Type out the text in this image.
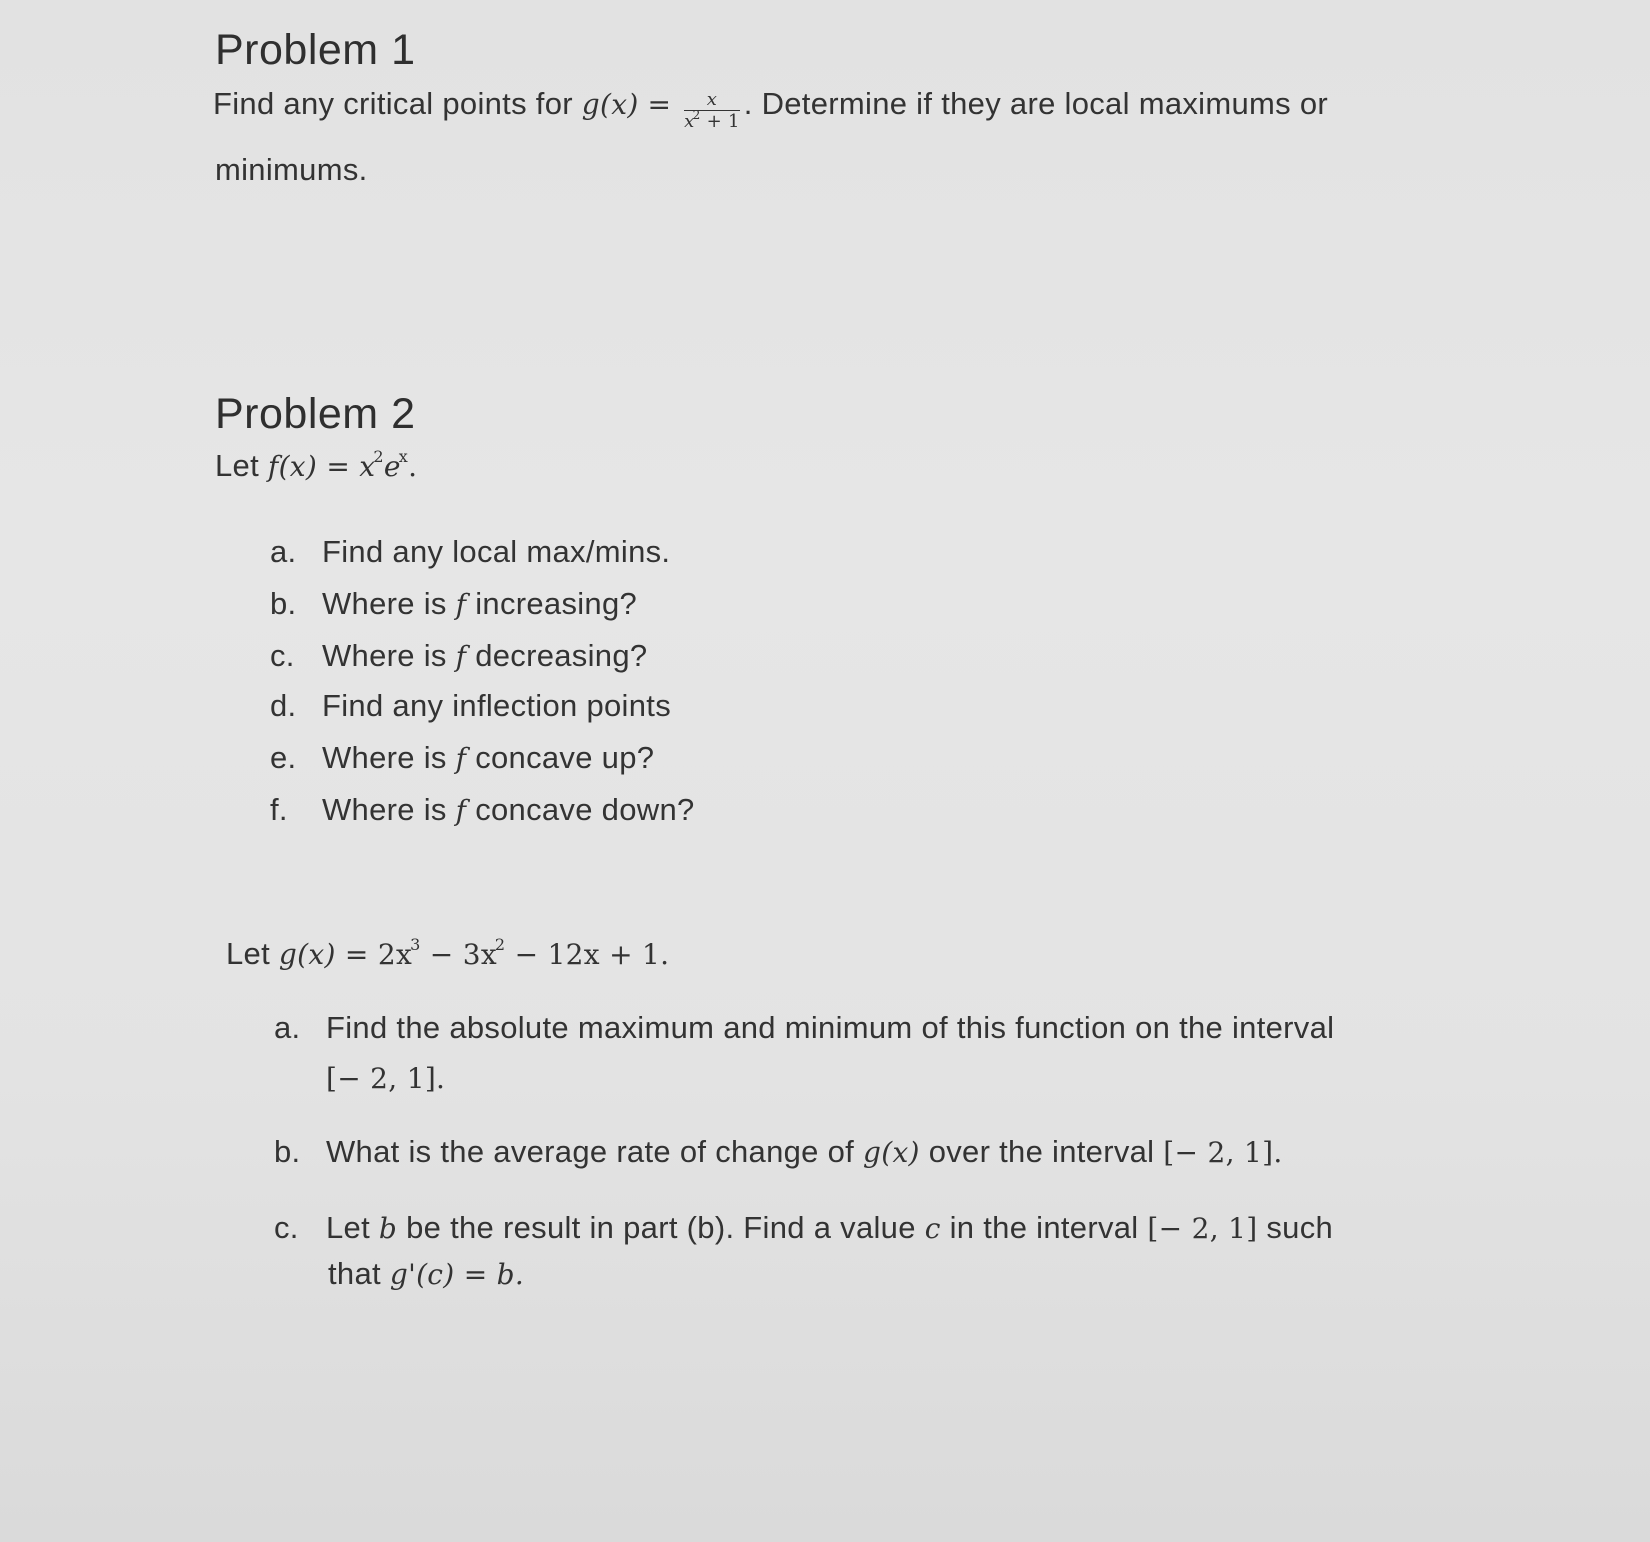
Problem 1
Find any critical points for $g(x) = \frac{x}{x^2 + 1}$ . Determine if they are local maximums or
minimums.
Problem 2
Let $f(x) = x^2e^x$.
a. Find any local max/mins.
b. Where is f increasing?
c. Where is f decreasing?
d. Find any inflection points
e. Where is f concave up?
f. Where is f concave down?
Let $g(x) = 2x^3 - 3x^2 - 12x + 1$.
a. Find the absolute maximum and minimum of this function on the interval
[− 2, 1].
b. What is the average rate of change of g(x) over the interval [− 2, 1].
c. Let b be the result in part (b). Find a value c in the interval [− 2, 1] such
that g'(c) = b.
